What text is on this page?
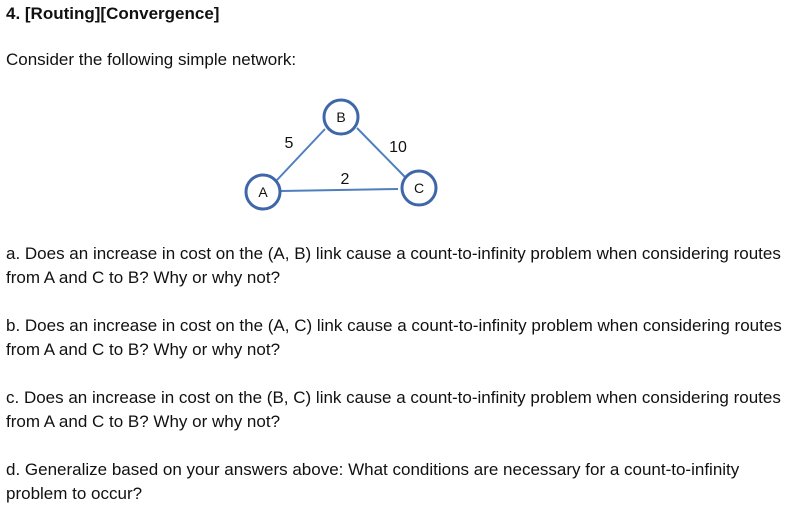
4. [Routing][Convergence]
Consider the following simple network:
5	10
2
B
A	C

a. Does an increase in cost on the (A, B) link cause a count-to-infinity problem when considering routes from A and C to B? Why or why not?

b. Does an increase in cost on the (A, C) link cause a count-to-infinity problem when considering routes from A and C to B? Why or why not?

c. Does an increase in cost on the (B, C) link cause a count-to-infinity problem when considering routes from A and C to B? Why or why not?

d. Generalize based on your answers above: What conditions are necessary for a count-to-infinity problem to occur?
